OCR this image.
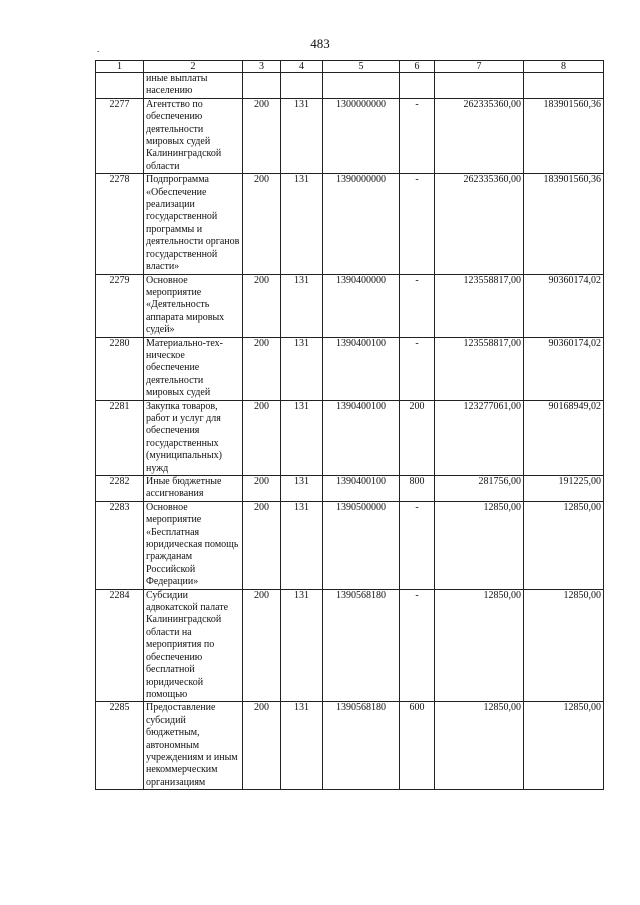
483
.
1	2	3	4	5	6	7	8
	иные выплаты населению						
2277	Агентство по обеспечению деятельности мировых судей Калининградской области	200	131	1300000000	-	262335360,00	183901560,36
2278	Подпрограмма «Обеспечение реализации государственной программы и деятельности органов государственной власти»	200	131	1390000000	-	262335360,00	183901560,36
2279	Основное мероприятие «Деятельность аппарата мировых судей»	200	131	1390400000	-	123558817,00	90360174,02
2280	Материально-тех-ническое обеспечение деятельности мировых судей	200	131	1390400100	-	123558817,00	90360174,02
2281	Закупка товаров, работ и услуг для обеспечения государственных (муниципальных) нужд	200	131	1390400100	200	123277061,00	90168949,02
2282	Иные бюджетные ассигнования	200	131	1390400100	800	281756,00	191225,00
2283	Основное мероприятие «Бесплатная юридическая помощь гражданам Российской Федерации»	200	131	1390500000	-	12850,00	12850,00
2284	Субсидии адвокатской палате Калининградской области на мероприятия по обеспечению бесплатной юридической помощью	200	131	1390568180	-	12850,00	12850,00
2285	Предоставление субсидий бюджетным, автономным учреждениям и иным некоммерческим организациям	200	131	1390568180	600	12850,00	12850,00
